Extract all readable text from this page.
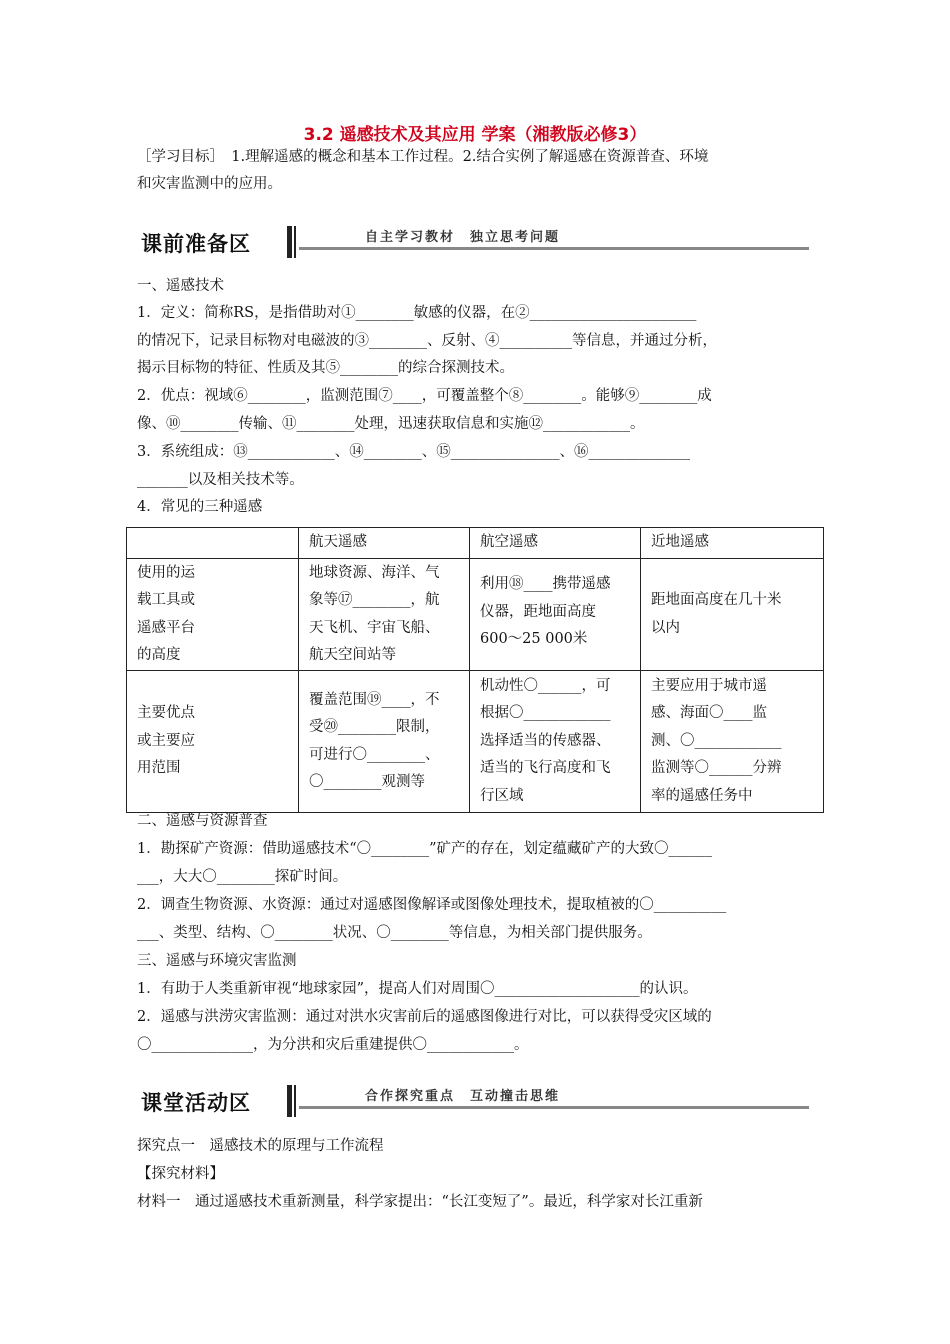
3.2 遥感技术及其应用 学案（湘教版必修3）
［学习目标］　1.理解遥感的概念和基本工作过程。2.结合实例了解遥感在资源普查、环境
和灾害监测中的应用。
课前准备区	自主学习教材　独立思考问题
一、遥感技术
1．定义：简称RS，是指借助对①________敏感的仪器，在②_______________________
的情况下，记录目标物对电磁波的③________、反射、④__________等信息，并通过分析，
揭示目标物的特征、性质及其⑤________的综合探测技术。
2．优点：视域⑥________，监测范围⑦____，可覆盖整个⑧________。能够⑨________成
像、⑩________传输、⑪________处理，迅速获取信息和实施⑫____________。
3．系统组成：⑬____________、⑭________、⑮_______________、⑯______________
_______以及相关技术等。
4．常见的三种遥感
	航天遥感	航空遥感	近地遥感
使用的运
载工具或
遥感平台
的高度	地球资源、海洋、气
象等⑰________，航
天飞机、宇宙飞船、
航天空间站等	利用⑱____携带遥感
仪器，距地面高度
600～25 000米	距地面高度在几十米
以内
主要优点
或主要应
用范围	覆盖范围⑲____，不
受⑳________限制，
可进行〇________、
〇________观测等	机动性〇______，可
根据〇____________
选择适当的传感器、
适当的飞行高度和飞
行区域	主要应用于城市遥
感、海面〇____监
测、〇____________
监测等〇______分辨
率的遥感任务中
二、遥感与资源普查
1．勘探矿产资源：借助遥感技术“〇________”矿产的存在，划定蕴藏矿产的大致〇______
___，大大〇________探矿时间。
2．调查生物资源、水资源：通过对遥感图像解译或图像处理技术，提取植被的〇__________
___、类型、结构、〇________状况、〇________等信息，为相关部门提供服务。
三、遥感与环境灾害监测
1．有助于人类重新审视“地球家园”，提高人们对周围〇____________________的认识。
2．遥感与洪涝灾害监测：通过对洪水灾害前后的遥感图像进行对比，可以获得受灾区域的
〇______________，为分洪和灾后重建提供〇____________。
课堂活动区	合作探究重点　互动撞击思维
探究点一　遥感技术的原理与工作流程
【探究材料】
材料一　通过遥感技术重新测量，科学家提出：“长江变短了”。最近，科学家对长江重新
